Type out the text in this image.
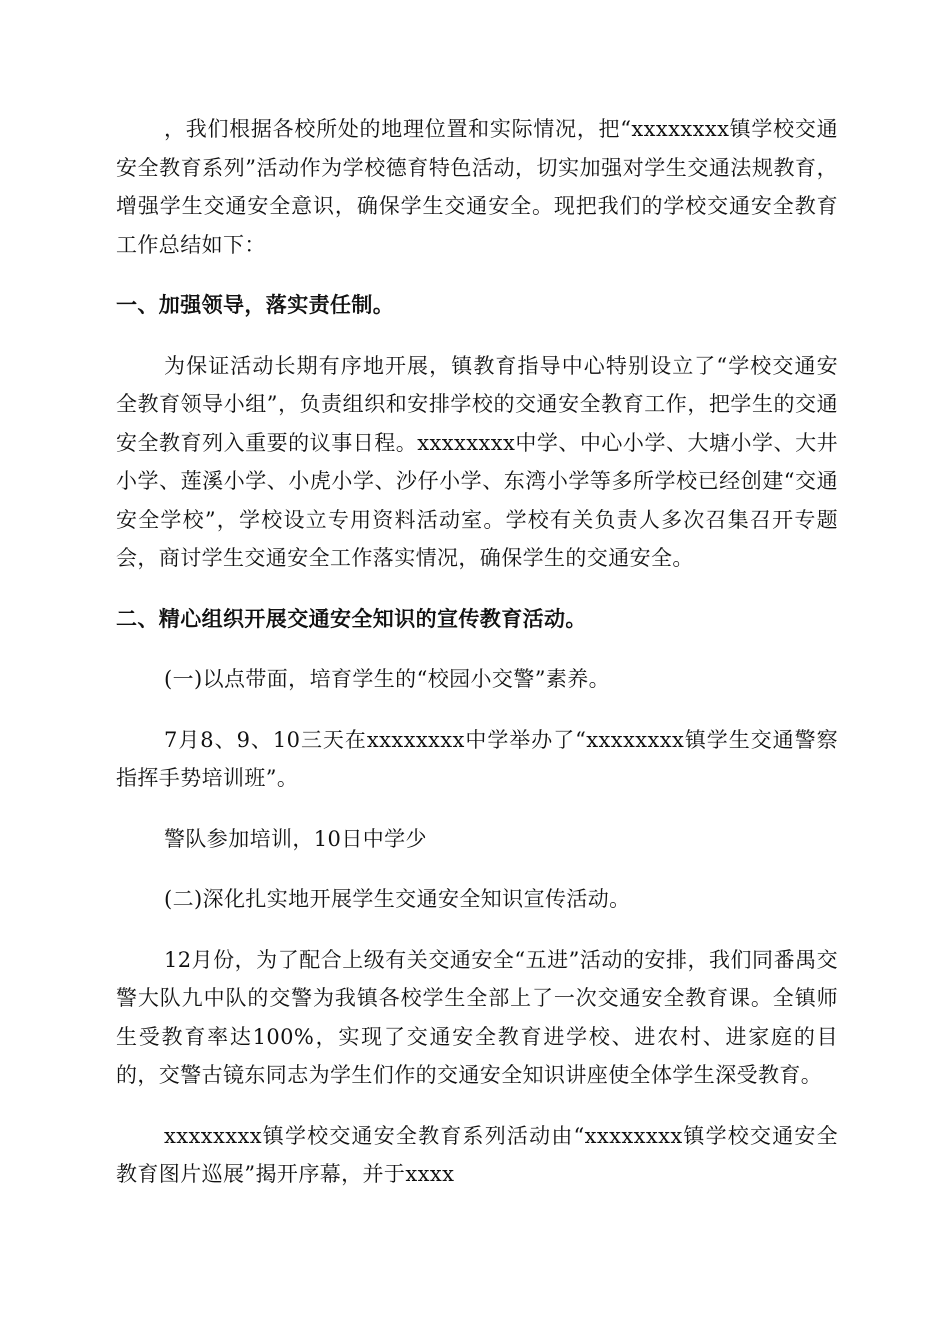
，我们根据各校所处的地理位置和实际情况，把“xxxxxxxx镇学校交通安全教育系列”活动作为学校德育特色活动，切实加强对学生交通法规教育，增强学生交通安全意识，确保学生交通安全。现把我们的学校交通安全教育工作总结如下：

一、加强领导，落实责任制。

为保证活动长期有序地开展，镇教育指导中心特别设立了“学校交通安全教育领导小组”，负责组织和安排学校的交通安全教育工作，把学生的交通安全教育列入重要的议事日程。xxxxxxxx中学、中心小学、大塘小学、大井小学、莲溪小学、小虎小学、沙仔小学、东湾小学等多所学校已经创建“交通安全学校”，学校设立专用资料活动室。学校有关负责人多次召集召开专题会，商讨学生交通安全工作落实情况，确保学生的交通安全。

二、精心组织开展交通安全知识的宣传教育活动。

(一)以点带面，培育学生的“校园小交警”素养。

7月8、9、10三天在xxxxxxxx中学举办了“xxxxxxxx镇学生交通警察指挥手势培训班”。

警队参加培训，10日中学少

(二)深化扎实地开展学生交通安全知识宣传活动。

12月份，为了配合上级有关交通安全“五进”活动的安排，我们同番禺交警大队九中队的交警为我镇各校学生全部上了一次交通安全教育课。全镇师生受教育率达100%，实现了交通安全教育进学校、进农村、进家庭的目的，交警古镜东同志为学生们作的交通安全知识讲座使全体学生深受教育。

xxxxxxxx镇学校交通安全教育系列活动由“xxxxxxxx镇学校交通安全教育图片巡展”揭开序幕，并于xxxx
